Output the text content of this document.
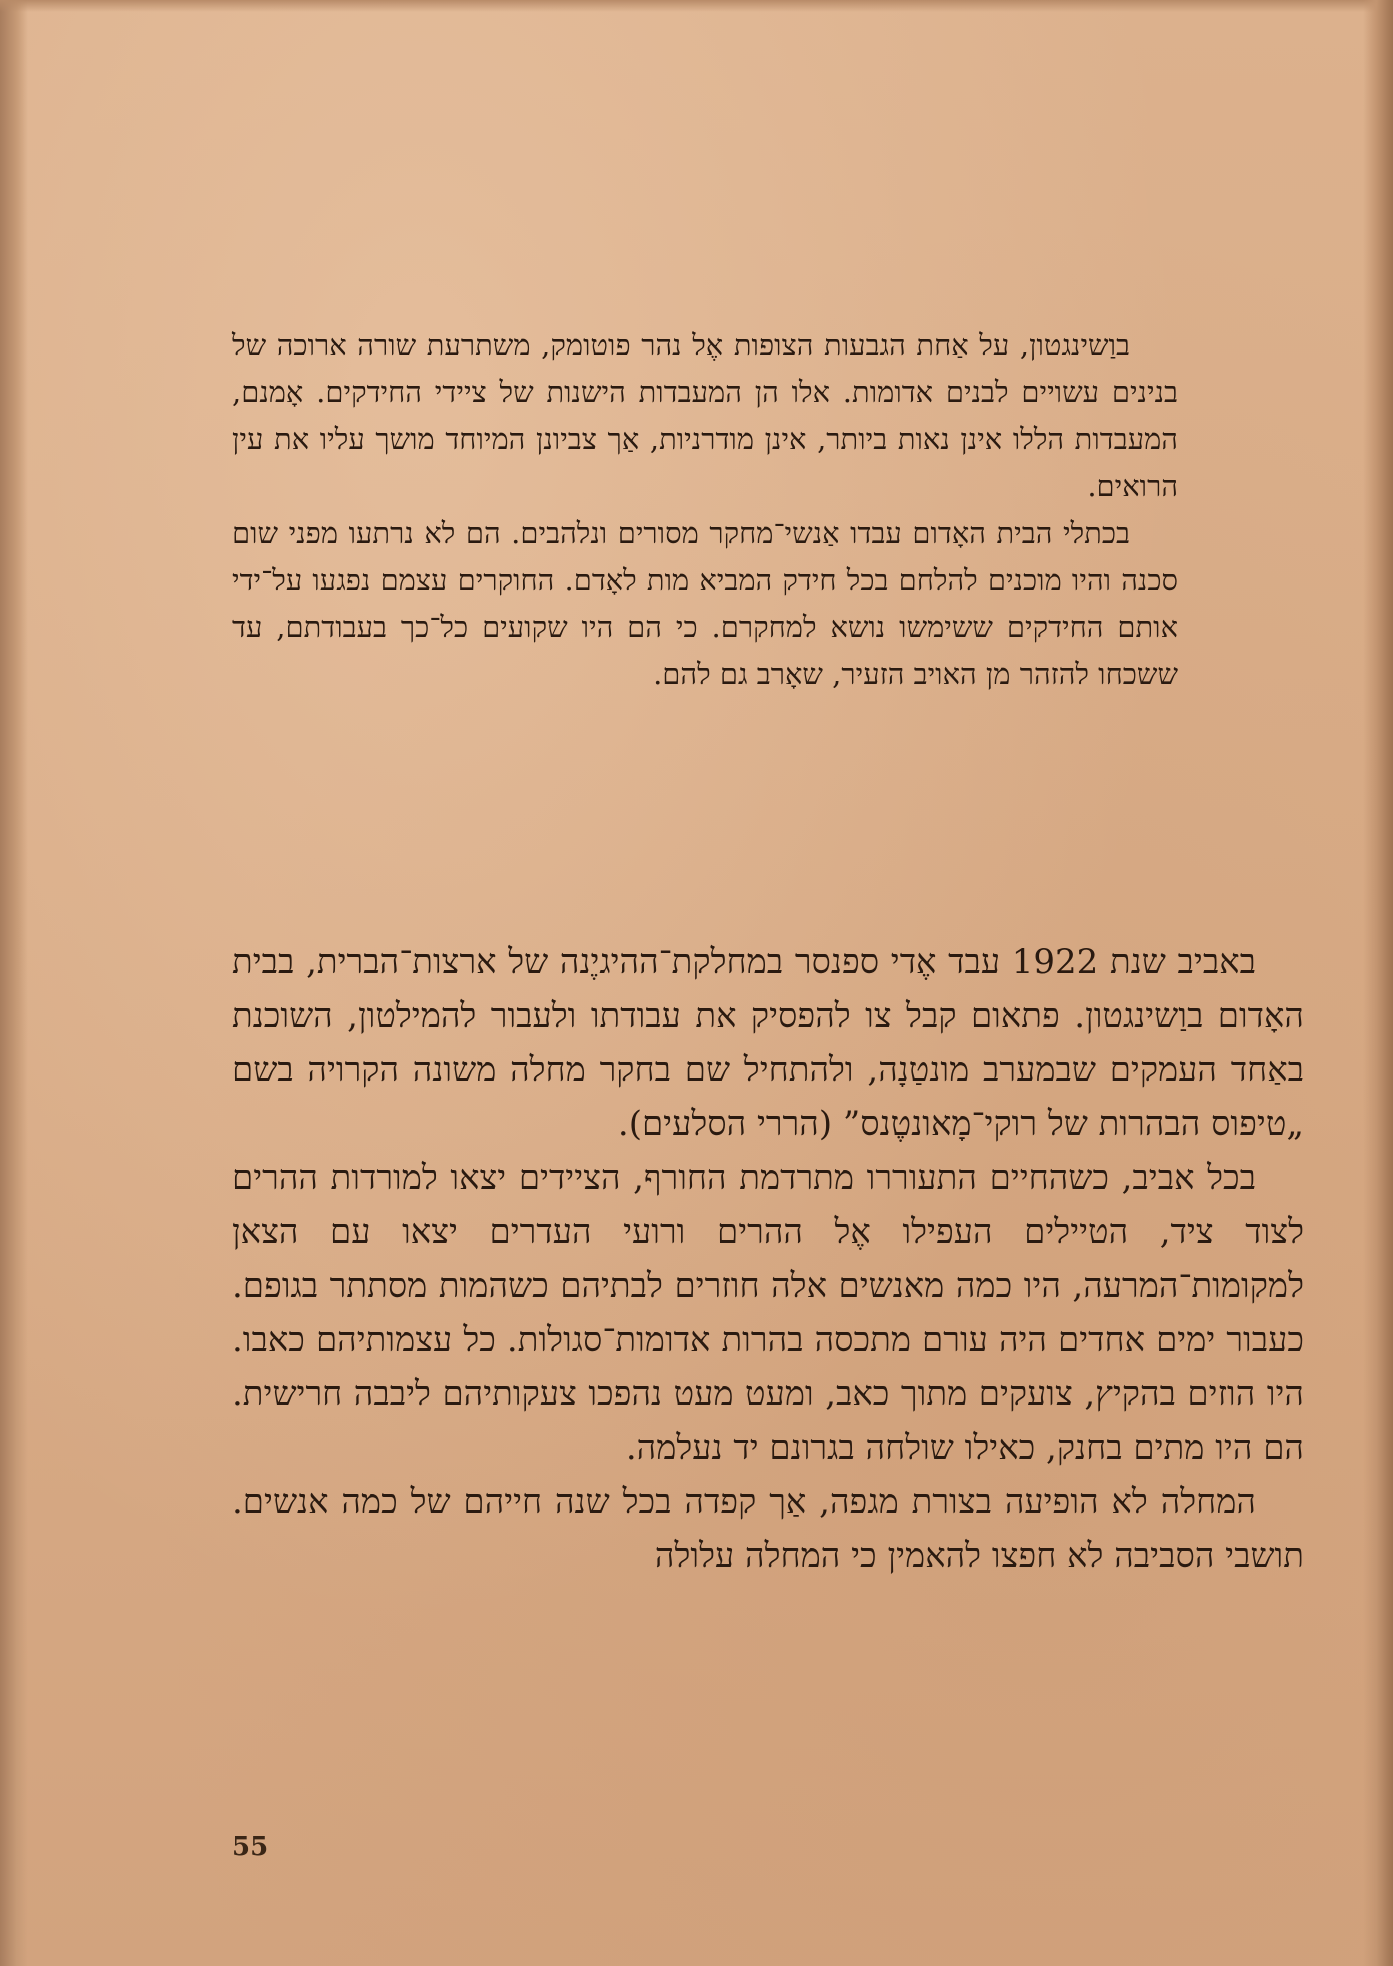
בוַשינגטון, על אַחת הגבעות הצופות אֶל נהר פוטומק, משתרעת שורה ארוכה של בנינים עשויים לבנים אדומות. אלו הן המעבדות הישנות של ציידי החידקים. אָמנם, המעבדות הללו אינן נאות ביותר, אינן מודרניות, אַך צביונן המיוחד מושך עליו את עין הרואים.

בכתלי הבית האָדום עבדו אַנשי־מחקר מסורים ונלהבים. הם לא נרתעו מפני שום סכנה והיו מוכנים להלחם בכל חידק המביא מות לאָדם. החוקרים עצמם נפגעו על־ידי אותם החידקים ששימשו נושא למחקרם. כי הם היו שקועים כל־כך בעבודתם, עד ששכחו להזהר מן האויב הזעיר, שאָרב גם להם.

באביב שנת 1922 עבד אֶדי ספנסר במחלקת־ההיגיֶנה של ארצות־הברית, בבית האָדום בוַשינגטון. פתאום קבל צו להפסיק את עבודתו ולעבור להמילטון, השוכנת באַחד העמקים שבמערב מונטַנָה, ולהתחיל שם בחקר מחלה משונה הקרויה בשם „טיפוס הבהרות של רוקי־מָאונטֶנס” (הררי הסלעים).

בכל אביב, כשהחיים התעוררו מתרדמת החורף, הציידים יצאו למורדות ההרים לצוד ציד, הטיילים העפילו אֶל ההרים ורועי העדרים יצאו עם הצאן למקומות־המרעה, היו כמה מאנשים אלה חוזרים לבתיהם כשהמות מסתתר בגופם. כעבור ימים אחדים היה עורם מתכסה בהרות אדומות־סגולות. כל עצמותיהם כאבו. היו הוזים בהקיץ, צועקים מתוך כאב, ומעט מעט נהפכו צעקותיהם ליבבה חרישית. הם היו מתים בחנק, כאילו שולחה בגרונם יד נעלמה.

המחלה לא הופיעה בצורת מגפה, אַך קפדה בכל שנה חייהם של כמה אנשים. תושבי הסביבה לא חפצו להאמין כי המחלה עלולה

55
